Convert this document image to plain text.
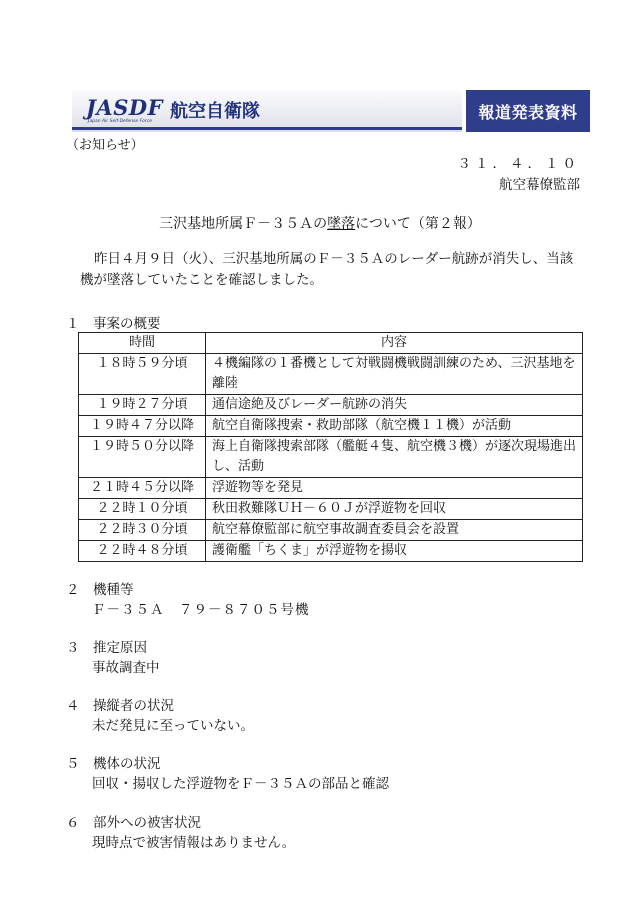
JASDF
Japan Air Self-Defense Force 航空自衛隊	報道発表資料
（お知らせ）
３１．４．１０
航空幕僚監部
三沢基地所属Ｆ－３５Ａの墜落について（第２報）
昨日４月９日（火）、三沢基地所属のＦ－３５Ａのレーダー航跡が消失し、当該機が墜落していたことを確認しました。
１　事案の概要
時間	内容
１８時５９分頃	４機編隊の１番機として対戦闘機戦闘訓練のため、三沢基地を離陸
１９時２７分頃	通信途絶及びレーダー航跡の消失
１９時４７分以降	航空自衛隊捜索・救助部隊（航空機１１機）が活動
１９時５０分以降	海上自衛隊捜索部隊（艦艇４隻、航空機３機）が逐次現場進出し、活動
２１時４５分以降	浮遊物等を発見
２２時１０分頃	秋田救難隊ＵＨ－６０Ｊが浮遊物を回収
２２時３０分頃	航空幕僚監部に航空事故調査委員会を設置
２２時４８分頃	護衛艦「ちくま」が浮遊物を揚収
２　機種等
Ｆ－３５Ａ　７９－８７０５号機
３　推定原因
事故調査中
４　操縦者の状況
未だ発見に至っていない。
５　機体の状況
回収・揚収した浮遊物をＦ－３５Ａの部品と確認
６　部外への被害状況
現時点で被害情報はありません。
